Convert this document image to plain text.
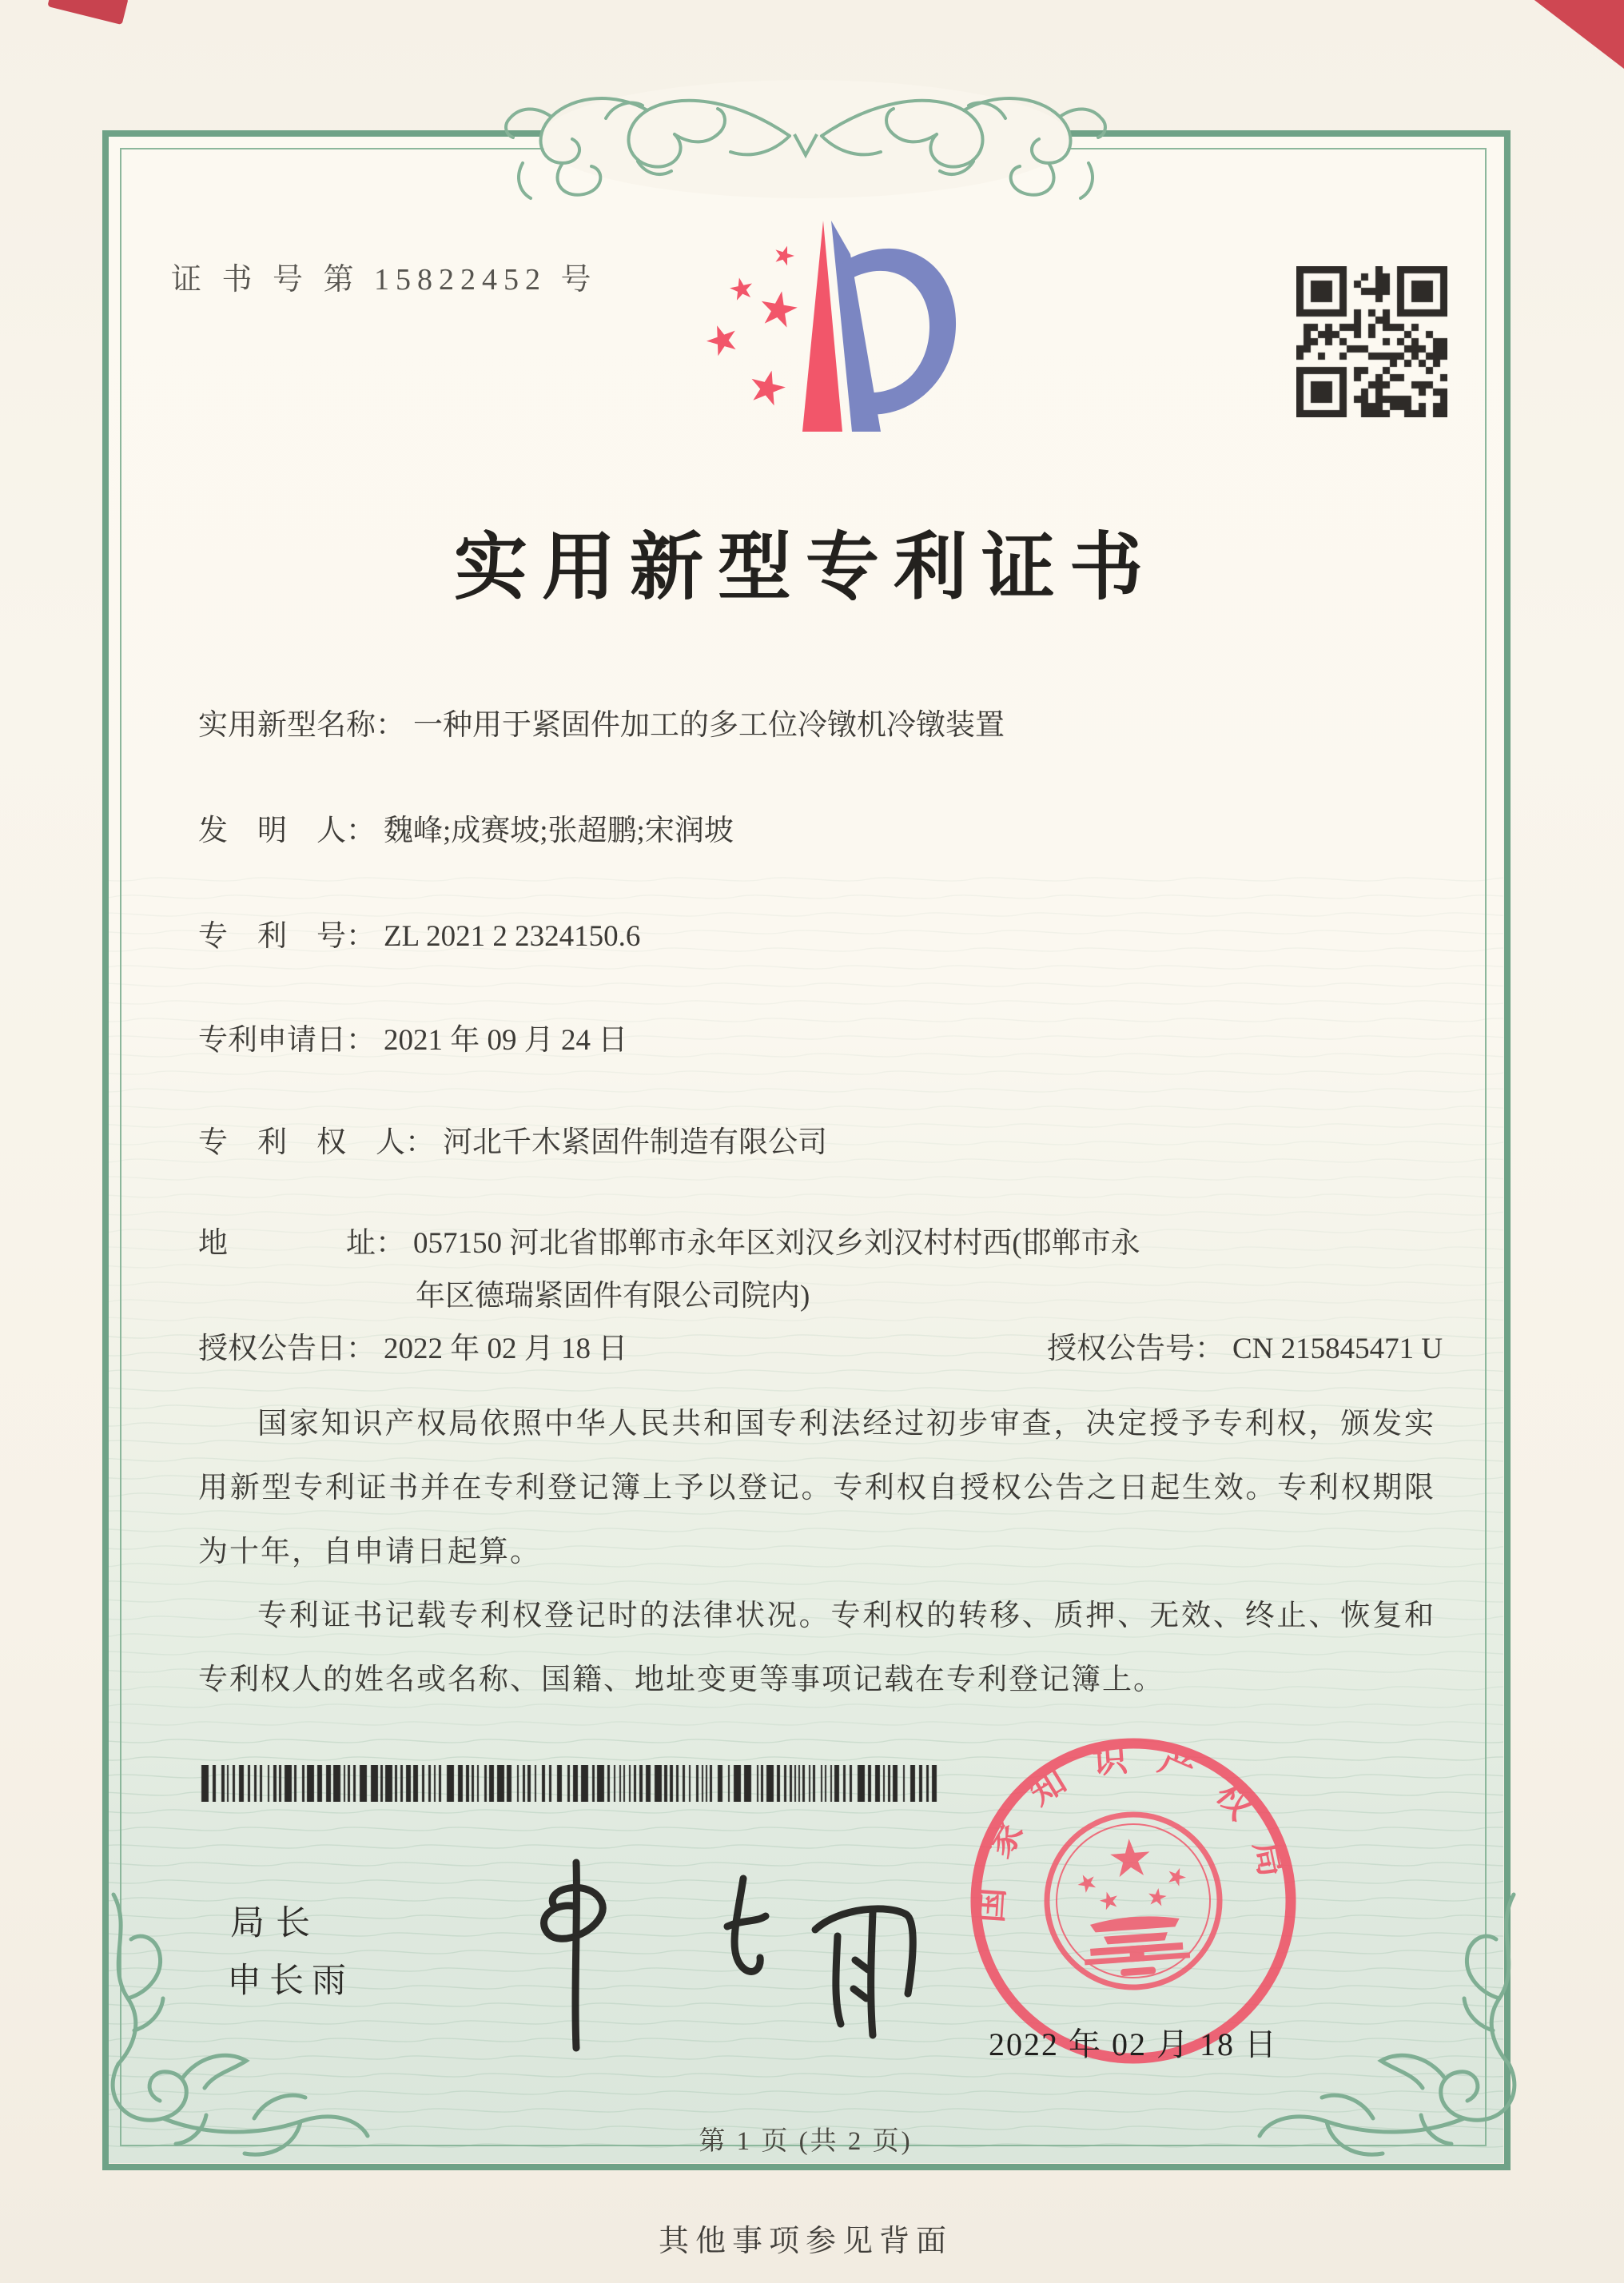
证 书 号 第 15822452 号
实用新型专利证书
实用新型名称： 一种用于紧固件加工的多工位冷镦机冷镦装置
发　明　人： 魏峰;成赛坡;张超鹏;宋润坡
专　利　号： ZL 2021 2 2324150.6
专利申请日： 2021 年 09 月 24 日
专　利　权　人： 河北千木紧固件制造有限公司
地　　　　址： 057150 河北省邯郸市永年区刘汉乡刘汉村村西(邯郸市永
年区德瑞紧固件有限公司院内)
授权公告日： 2022 年 02 月 18 日	授权公告号： CN 215845471 U

国家知识产权局依照中华人民共和国专利法经过初步审查，决定授予专利权，颁发实用新型专利证书并在专利登记簿上予以登记。专利权自授权公告之日起生效。专利权期限为十年，自申请日起算。

专利证书记载专利权登记时的法律状况。专利权的转移、质押、无效、终止、恢复和专利权人的姓名或名称、国籍、地址变更等事项记载在专利登记簿上。

局长
申长雨
国家知识产权局
2022 年 02 月 18 日
第 1 页 (共 2 页)
其他事项参见背面
